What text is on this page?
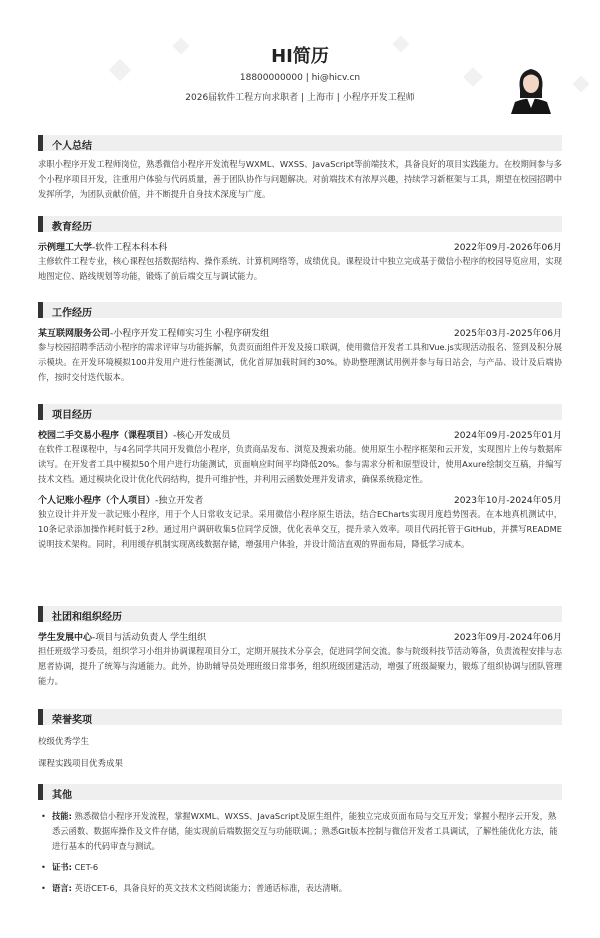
HI简历
18800000000 | hi@hicv.cn
2026届软件工程方向求职者 | 上海市 | 小程序开发工程师
个人总结
求职小程序开发工程师岗位，熟悉微信小程序开发流程与WXML、WXSS、JavaScript等前端技术，具备良好的项目实践能力。在校期间参与多个小程序项目开发，注重用户体验与代码质量，善于团队协作与问题解决。对前端技术有浓厚兴趣，持续学习新框架与工具，期望在校园招聘中发挥所学，为团队贡献价值，并不断提升自身技术深度与广度。
教育经历
示例理工大学-软件工程本科本科	2022年09月-2026年06月
主修软件工程专业，核心课程包括数据结构、操作系统、计算机网络等，成绩优良。课程设计中独立完成基于微信小程序的校园导览应用，实现地图定位、路线规划等功能，锻炼了前后端交互与调试能力。
工作经历
某互联网服务公司-小程序开发工程师实习生 小程序研发组	2025年03月-2025年06月
参与校园招聘季活动小程序的需求评审与功能拆解，负责页面组件开发及接口联调，使用微信开发者工具和Vue.js实现活动报名、签到及积分展示模块。在开发环境模拟100并发用户进行性能测试，优化首屏加载时间约30%。协助整理测试用例并参与每日站会，与产品、设计及后端协作，按时交付迭代版本。
项目经历
校园二手交易小程序（课程项目）-核心开发成员	2024年09月-2025年01月
在软件工程课程中，与4名同学共同开发微信小程序，负责商品发布、浏览及搜索功能。使用原生小程序框架和云开发，实现图片上传与数据库读写。在开发者工具中模拟50个用户进行功能测试，页面响应时间平均降低20%。参与需求分析和原型设计，使用Axure绘制交互稿，并编写技术文档。通过模块化设计优化代码结构，提升可维护性，并利用云函数处理并发请求，确保系统稳定性。
个人记账小程序（个人项目）-独立开发者	2023年10月-2024年05月
独立设计并开发一款记账小程序，用于个人日常收支记录。采用微信小程序原生语法，结合ECharts实现月度趋势图表。在本地真机测试中，10条记录添加操作耗时低于2秒。通过用户调研收集5位同学反馈，优化表单交互，提升录入效率。项目代码托管于GitHub，并撰写README说明技术架构。同时，利用缓存机制实现离线数据存储，增强用户体验，并设计简洁直观的界面布局，降低学习成本。
社团和组织经历
学生发展中心-项目与活动负责人 学生组织	2023年09月-2024年06月
担任班级学习委员，组织学习小组并协调课程项目分工，定期开展技术分享会，促进同学间交流。参与院级科技节活动筹备，负责流程安排与志愿者协调，提升了统筹与沟通能力。此外，协助辅导员处理班级日常事务，组织班级团建活动，增强了班级凝聚力，锻炼了组织协调与团队管理能力。
荣誉奖项
校级优秀学生
课程实践项目优秀成果
其他
• 技能: 熟悉微信小程序开发流程，掌握WXML、WXSS、JavaScript及原生组件，能独立完成页面布局与交互开发；掌握小程序云开发，熟悉云函数、数据库操作及文件存储，能实现前后端数据交互与功能联调。；熟悉Git版本控制与微信开发者工具调试，了解性能优化方法，能进行基本的代码审查与测试。
• 证书: CET-6
• 语言: 英语CET-6，具备良好的英文技术文档阅读能力；普通话标准，表达清晰。
